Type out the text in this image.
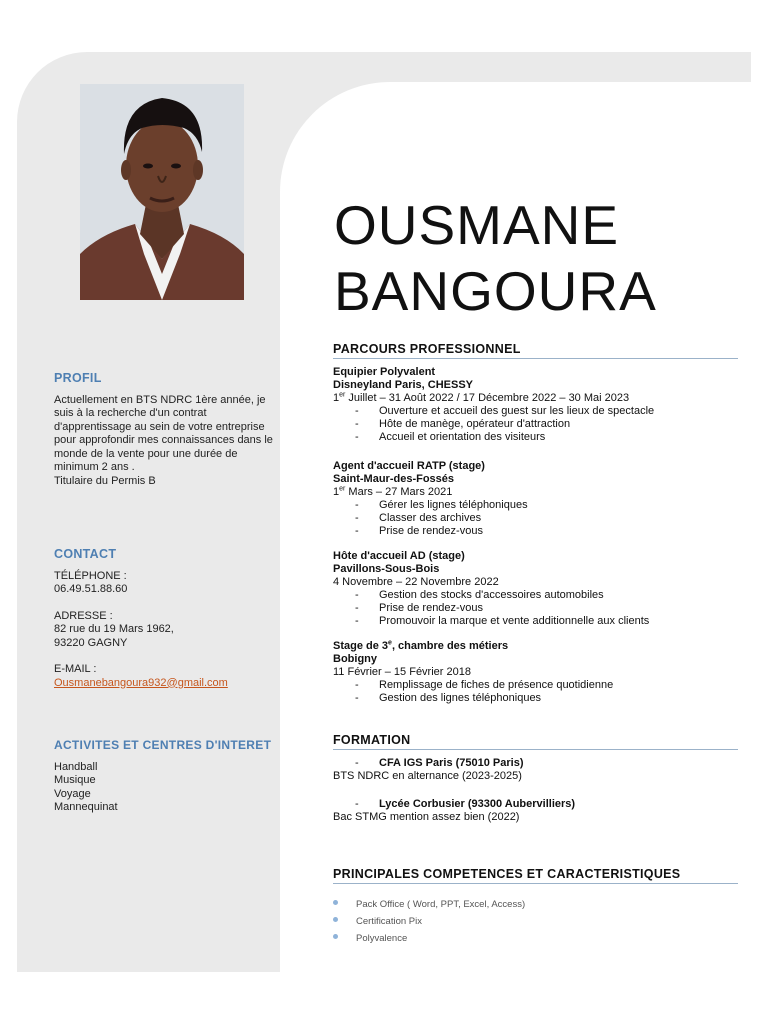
PROFIL
Actuellement en BTS NDRC 1ère année, je suis à la recherche d'un contrat d'apprentissage au sein de votre entreprise pour approfondir mes connaissances dans le monde de la vente pour une durée de minimum 2 ans .
Titulaire du Permis B
CONTACT
TÉLÉPHONE :
06.49.51.88.60
ADRESSE :
82 rue du 19 Mars 1962,
93220 GAGNY
E-MAIL :
Ousmanebangoura932@gmail.com
ACTIVITES ET CENTRES D'INTERET
Handball
Musique
Voyage
Mannequinat
OUSMANE
BANGOURA
PARCOURS PROFESSIONNEL
Equipier Polyvalent
Disneyland Paris, CHESSY
1er Juillet – 31 Août 2022 / 17 Décembre 2022 – 30 Mai 2023
- Ouverture et accueil des guest sur les lieux de spectacle
- Hôte de manège, opérateur d'attraction
- Accueil et orientation des visiteurs
Agent d'accueil RATP (stage)
Saint-Maur-des-Fossés
1er Mars – 27 Mars 2021
- Gérer les lignes téléphoniques
- Classer des archives
- Prise de rendez-vous
Hôte d'accueil AD (stage)
Pavillons-Sous-Bois
4 Novembre – 22 Novembre 2022
- Gestion des stocks d'accessoires automobiles
- Prise de rendez-vous
- Promouvoir la marque et vente additionnelle aux clients
Stage de 3e, chambre des métiers
Bobigny
11 Février – 15 Février 2018
- Remplissage de fiches de présence quotidienne
- Gestion des lignes téléphoniques
FORMATION
- CFA IGS Paris (75010 Paris)
BTS NDRC en alternance (2023-2025)
- Lycée Corbusier (93300 Aubervilliers)
Bac STMG mention assez bien (2022)
PRINCIPALES COMPETENCES ET CARACTERISTIQUES
Pack Office ( Word, PPT, Excel, Access)
Certification Pix
Polyvalence
